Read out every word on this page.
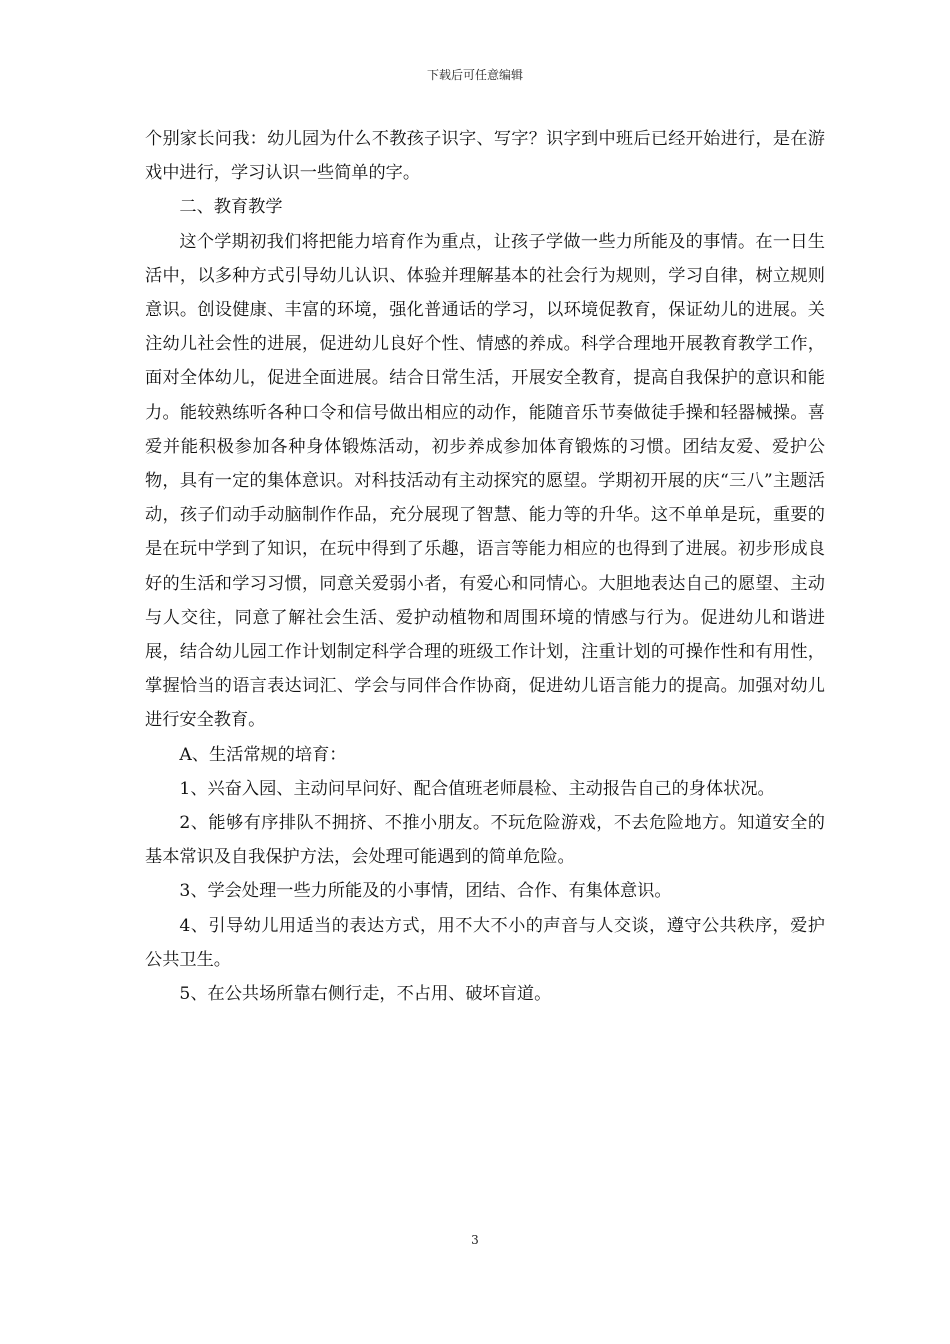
下载后可任意编辑

个别家长问我：幼儿园为什么不教孩子识字、写字？识字到中班后已经开始进行，是在游戏中进行，学习认识一些简单的字。

二、教育教学

这个学期初我们将把能力培育作为重点，让孩子学做一些力所能及的事情。在一日生活中，以多种方式引导幼儿认识、体验并理解基本的社会行为规则，学习自律，树立规则意识。创设健康、丰富的环境，强化普通话的学习，以环境促教育，保证幼儿的进展。关注幼儿社会性的进展，促进幼儿良好个性、情感的养成。科学合理地开展教育教学工作，面对全体幼儿，促进全面进展。结合日常生活，开展安全教育，提高自我保护的意识和能力。能较熟练听各种口令和信号做出相应的动作，能随音乐节奏做徒手操和轻器械操。喜爱并能积极参加各种身体锻炼活动，初步养成参加体育锻炼的习惯。团结友爱、爱护公物，具有一定的集体意识。对科技活动有主动探究的愿望。学期初开展的庆“三八”主题活动，孩子们动手动脑制作作品，充分展现了智慧、能力等的升华。这不单单是玩，重要的是在玩中学到了知识，在玩中得到了乐趣，语言等能力相应的也得到了进展。初步形成良好的生活和学习习惯，同意关爱弱小者，有爱心和同情心。大胆地表达自己的愿望、主动与人交往，同意了解社会生活、爱护动植物和周围环境的情感与行为。促进幼儿和谐进展，结合幼儿园工作计划制定科学合理的班级工作计划，注重计划的可操作性和有用性，掌握恰当的语言表达词汇、学会与同伴合作协商，促进幼儿语言能力的提高。加强对幼儿进行安全教育。

A、生活常规的培育：

1、兴奋入园、主动问早问好、配合值班老师晨检、主动报告自己的身体状况。

2、能够有序排队不拥挤、不推小朋友。不玩危险游戏，不去危险地方。知道安全的基本常识及自我保护方法，会处理可能遇到的简单危险。

3、学会处理一些力所能及的小事情，团结、合作、有集体意识。

4、引导幼儿用适当的表达方式，用不大不小的声音与人交谈，遵守公共秩序，爱护公共卫生。

5、在公共场所靠右侧行走，不占用、破坏盲道。

3
